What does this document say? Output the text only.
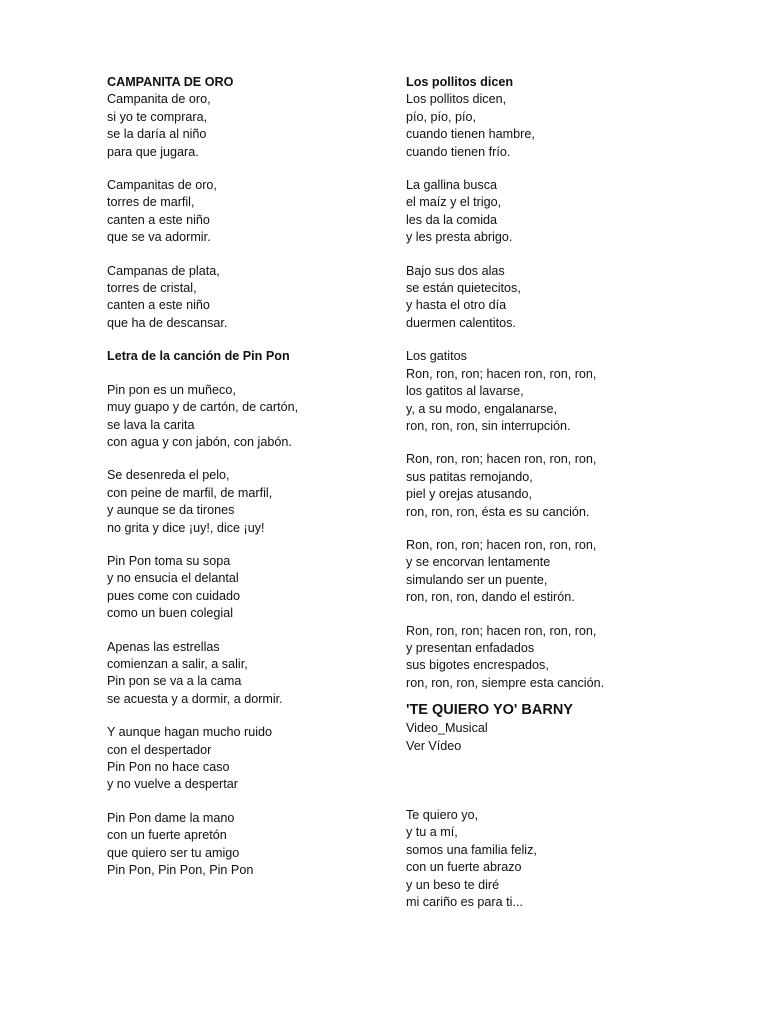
CAMPANITA DE ORO
Campanita de oro,
si yo te comprara,
se la daría al niño
para que jugara.
Campanitas de oro,
torres de marfil,
canten a este niño
que se va adormir.
Campanas de plata,
torres de cristal,
canten a este niño
que ha de descansar.
Letra de la canción de Pin Pon
Pin pon es un muñeco,
muy guapo y de cartón, de cartón,
se lava la carita
con agua y con jabón, con jabón.
Se desenreda el pelo,
con peine de marfil, de marfil,
y aunque se da tirones
no grita y dice ¡uy!, dice ¡uy!
Pin Pon toma su sopa
y no ensucia el delantal
pues come con cuidado
como un buen colegial
Apenas las estrellas
comienzan a salir, a salir,
Pin pon se va a la cama
se acuesta y a dormir, a dormir.
Y aunque hagan mucho ruido
con el despertador
Pin Pon no hace caso
y no vuelve a despertar
Pin Pon dame la mano
con un fuerte apretón
que quiero ser tu amigo
Pin Pon, Pin Pon, Pin Pon
Los pollitos dicen
Los pollitos dicen,
pío, pío, pío,
cuando tienen hambre,
cuando tienen frío.
La gallina busca
el maíz y el trigo,
les da la comida
y les presta abrigo.
Bajo sus dos alas
se están quietecitos,
y hasta el otro día
duermen calentitos.
Los gatitos
Ron, ron, ron; hacen ron, ron, ron,
los gatitos al lavarse,
y, a su modo, engalanarse,
ron, ron, ron, sin interrupción.
Ron, ron, ron; hacen ron, ron, ron,
sus patitas remojando,
piel y orejas atusando,
ron, ron, ron, ésta es su canción.
Ron, ron, ron; hacen ron, ron, ron,
y se encorvan lentamente
simulando ser un puente,
ron, ron, ron, dando el estirón.
Ron, ron, ron; hacen ron, ron, ron,
y presentan enfadados
sus bigotes encrespados,
ron, ron, ron, siempre esta canción.
'TE QUIERO YO' BARNY
Video_Musical
Ver Vídeo
Te quiero yo,
y tu a mí,
somos una familia feliz,
con un fuerte abrazo
y un beso te diré
mi cariño es para ti...
